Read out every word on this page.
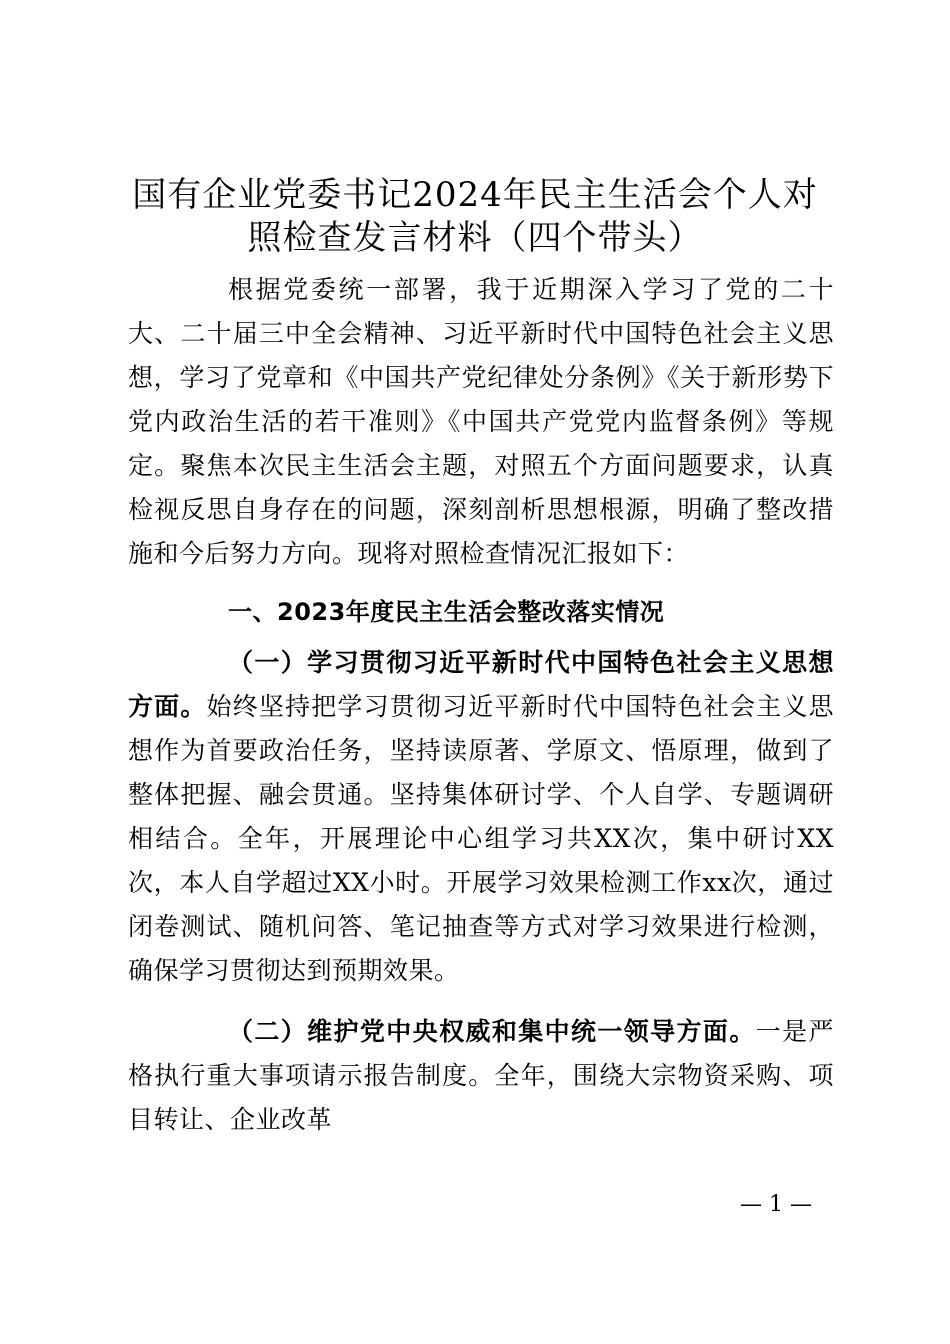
国有企业党委书记2024年民主生活会个人对
照检查发言材料（四个带头）

根据党委统一部署，我于近期深入学习了党的二十大、二十届三中全会精神、习近平新时代中国特色社会主义思想，学习了党章和《中国共产党纪律处分条例》《关于新形势下党内政治生活的若干准则》《中国共产党党内监督条例》等规定。聚焦本次民主生活会主题，对照五个方面问题要求，认真检视反思自身存在的问题，深刻剖析思想根源，明确了整改措施和今后努力方向。现将对照检查情况汇报如下：

一、2023年度民主生活会整改落实情况

（一）学习贯彻习近平新时代中国特色社会主义思想方面。始终坚持把学习贯彻习近平新时代中国特色社会主义思想作为首要政治任务，坚持读原著、学原文、悟原理，做到了整体把握、融会贯通。坚持集体研讨学、个人自学、专题调研相结合。全年，开展理论中心组学习共XX次，集中研讨XX次，本人自学超过XX小时。开展学习效果检测工作xx次，通过闭卷测试、随机问答、笔记抽查等方式对学习效果进行检测，确保学习贯彻达到预期效果。

（二）维护党中央权威和集中统一领导方面。一是严格执行重大事项请示报告制度。全年，围绕大宗物资采购、项目转让、企业改革

— 1 —
